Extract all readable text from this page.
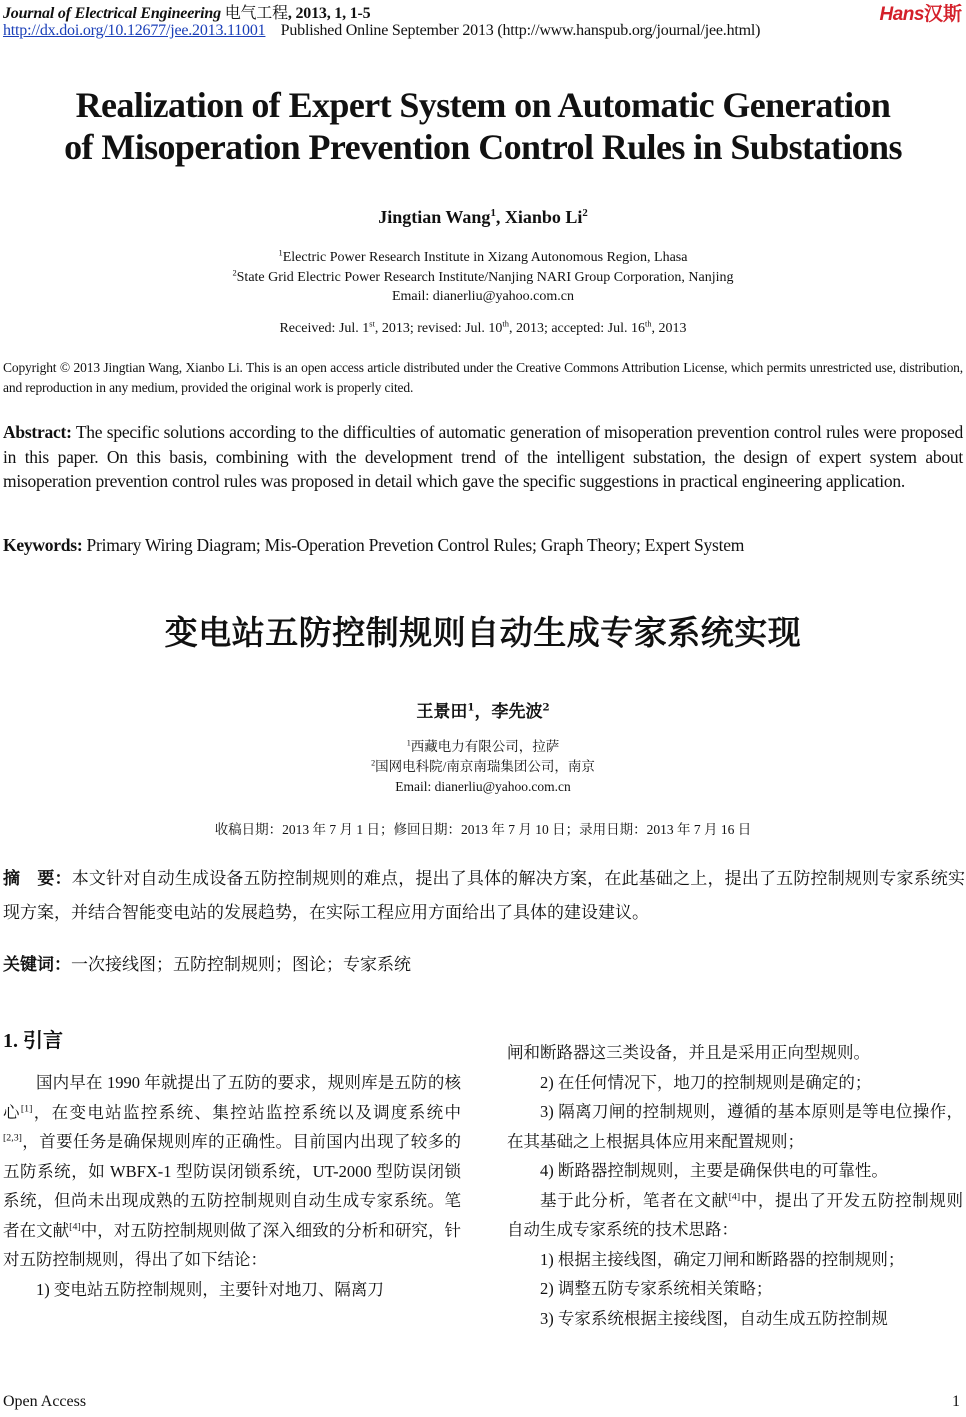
Journal of Electrical Engineering 电气工程, 2013, 1, 1-5	Hans汉斯
http://dx.doi.org/10.12677/jee.2013.11001 Published Online September 2013 (http://www.hanspub.org/journal/jee.html)
Realization of Expert System on Automatic Generation
of Misoperation Prevention Control Rules in Substations
Jingtian Wang$^1$, Xianbo Li$^2$
$^1$Electric Power Research Institute in Xizang Autonomous Region, Lhasa
$^2$State Grid Electric Power Research Institute/Nanjing NARI Group Corporation, Nanjing
Email: dianerliu@yahoo.com.cn
Received: Jul. 1st, 2013; revised: Jul. 10th, 2013; accepted: Jul. 16th, 2013
Copyright © 2013 Jingtian Wang, Xianbo Li. This is an open access article distributed under the Creative Commons Attribution License, which permits unrestricted use, distribution, and reproduction in any medium, provided the original work is properly cited.
Abstract: The specific solutions according to the difficulties of automatic generation of misoperation prevention control rules were proposed in this paper. On this basis, combining with the development trend of the intelligent substation, the design of expert system about misoperation prevention control rules was proposed in detail which gave the specific suggestions in practical engineering application.
Keywords: Primary Wiring Diagram; Mis-Operation Prevetion Control Rules; Graph Theory; Expert System
变电站五防控制规则自动生成专家系统实现
王景田$^1$，李先波$^2$
$^1$西藏电力有限公司，拉萨
$^2$国网电科院/南京南瑞集团公司，南京
Email: dianerliu@yahoo.com.cn
收稿日期：2013 年 7 月 1 日；修回日期：2013 年 7 月 10 日；录用日期：2013 年 7 月 16 日
摘　要：本文针对自动生成设备五防控制规则的难点，提出了具体的解决方案，在此基础之上，提出了五防控制规则专家系统实现方案，并结合智能变电站的发展趋势，在实际工程应用方面给出了具体的建设建议。
关键词：一次接线图；五防控制规则；图论；专家系统
1. 引言

国内早在 1990 年就提出了五防的要求，规则库是五防的核心[1]，在变电站监控系统、集控站监控系统以及调度系统中[2,3]，首要任务是确保规则库的正确性。目前国内出现了较多的五防系统，如 WBFX-1 型防误闭锁系统，UT-2000 型防误闭锁系统，但尚未出现成熟的五防控制规则自动生成专家系统。笔者在文献[4]中，对五防控制规则做了深入细致的分析和研究，针对五防控制规则，得出了如下结论：

1) 变电站五防控制规则，主要针对地刀、隔离刀

闸和断路器这三类设备，并且是采用正向型规则。

2) 在任何情况下，地刀的控制规则是确定的；

3) 隔离刀闸的控制规则，遵循的基本原则是等电位操作，在其基础之上根据具体应用来配置规则；

4) 断路器控制规则，主要是确保供电的可靠性。

基于此分析，笔者在文献[4]中，提出了开发五防控制规则自动生成专家系统的技术思路：

1) 根据主接线图，确定刀闸和断路器的控制规则；

2) 调整五防专家系统相关策略；

3) 专家系统根据主接线图，自动生成五防控制规

Open Access	1
